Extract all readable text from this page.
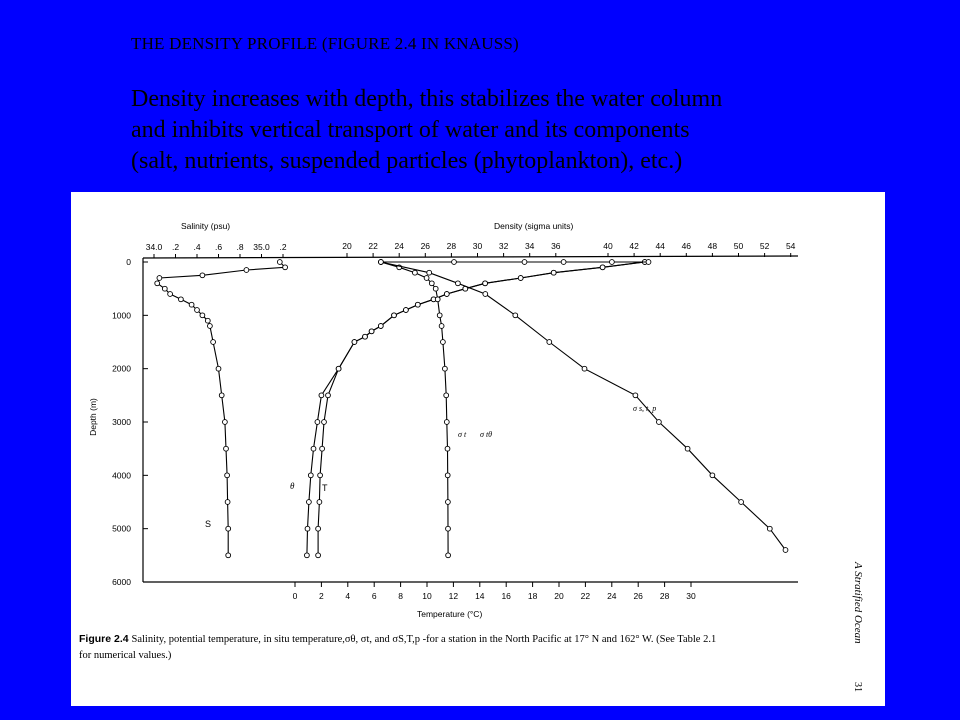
THE DENSITY PROFILE (FIGURE 2.4 IN KNAUSS)
Density increases with depth, this stabilizes the water column
and inhibits vertical transport of water and its components
(salt, nutrients, suspended particles (phytoplankton), etc.)
Salinity (psu)	Density (sigma units)
34.0 .2 .4 .6 .8 35.0 .2	20 22 24 26 28 30 32 34 36	40 42 44 46 48 50 52 54
0	2	4	6	8 10 12 14 16 18 20 22 24 26 28 30
Temperature (°C)
0
1000
2000
3000
4000
5000
6000
Depth (m)
S
θ	T
σ t σ tθ
σ s, t, p
Figure 2.4 Salinity, potential temperature, in situ temperature,σθ, σt, and σS,T,p -for a station in the North Pacific at 17° N and 162° W. (See Table 2.1
for numerical values.)
A Stratified Ocean
31
